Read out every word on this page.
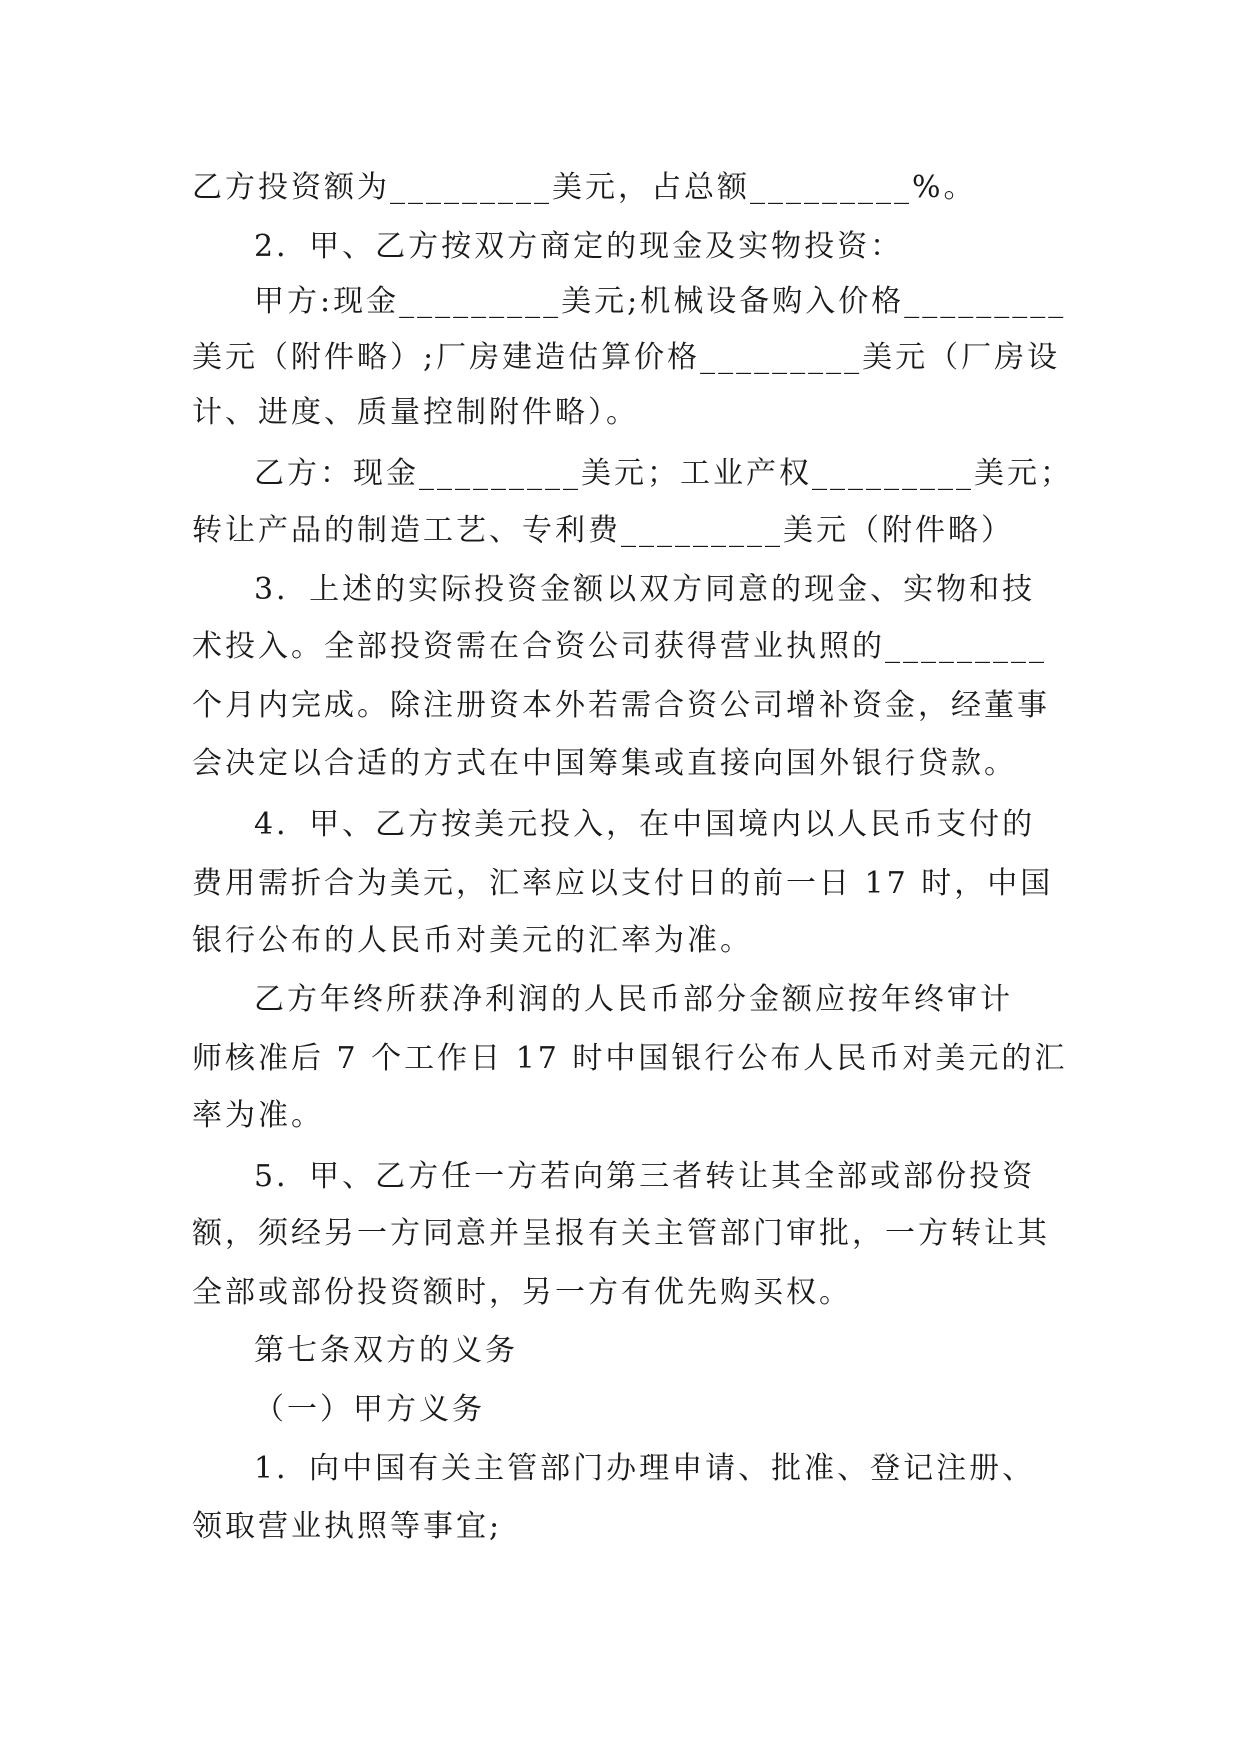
乙方投资额为_________美元，占总额_________%。
2．甲、乙方按双方商定的现金及实物投资：
甲方:现金_________美元;机械设备购入价格_________
美元（附件略）;厂房建造估算价格_________美元（厂房设
计、进度、质量控制附件略）。
乙方：现金_________美元；工业产权_________美元；
转让产品的制造工艺、专利费_________美元（附件略）
3．上述的实际投资金额以双方同意的现金、实物和技
术投入。全部投资需在合资公司获得营业执照的_________
个月内完成。除注册资本外若需合资公司增补资金，经董事
会决定以合适的方式在中国筹集或直接向国外银行贷款。
4．甲、乙方按美元投入，在中国境内以人民币支付的
费用需折合为美元，汇率应以支付日的前一日 17 时，中国
银行公布的人民币对美元的汇率为准。
乙方年终所获净利润的人民币部分金额应按年终审计
师核准后 7 个工作日 17 时中国银行公布人民币对美元的汇
率为准。
5．甲、乙方任一方若向第三者转让其全部或部份投资
额，须经另一方同意并呈报有关主管部门审批，一方转让其
全部或部份投资额时，另一方有优先购买权。
第七条双方的义务
（一）甲方义务
1．向中国有关主管部门办理申请、批准、登记注册、
领取营业执照等事宜;
